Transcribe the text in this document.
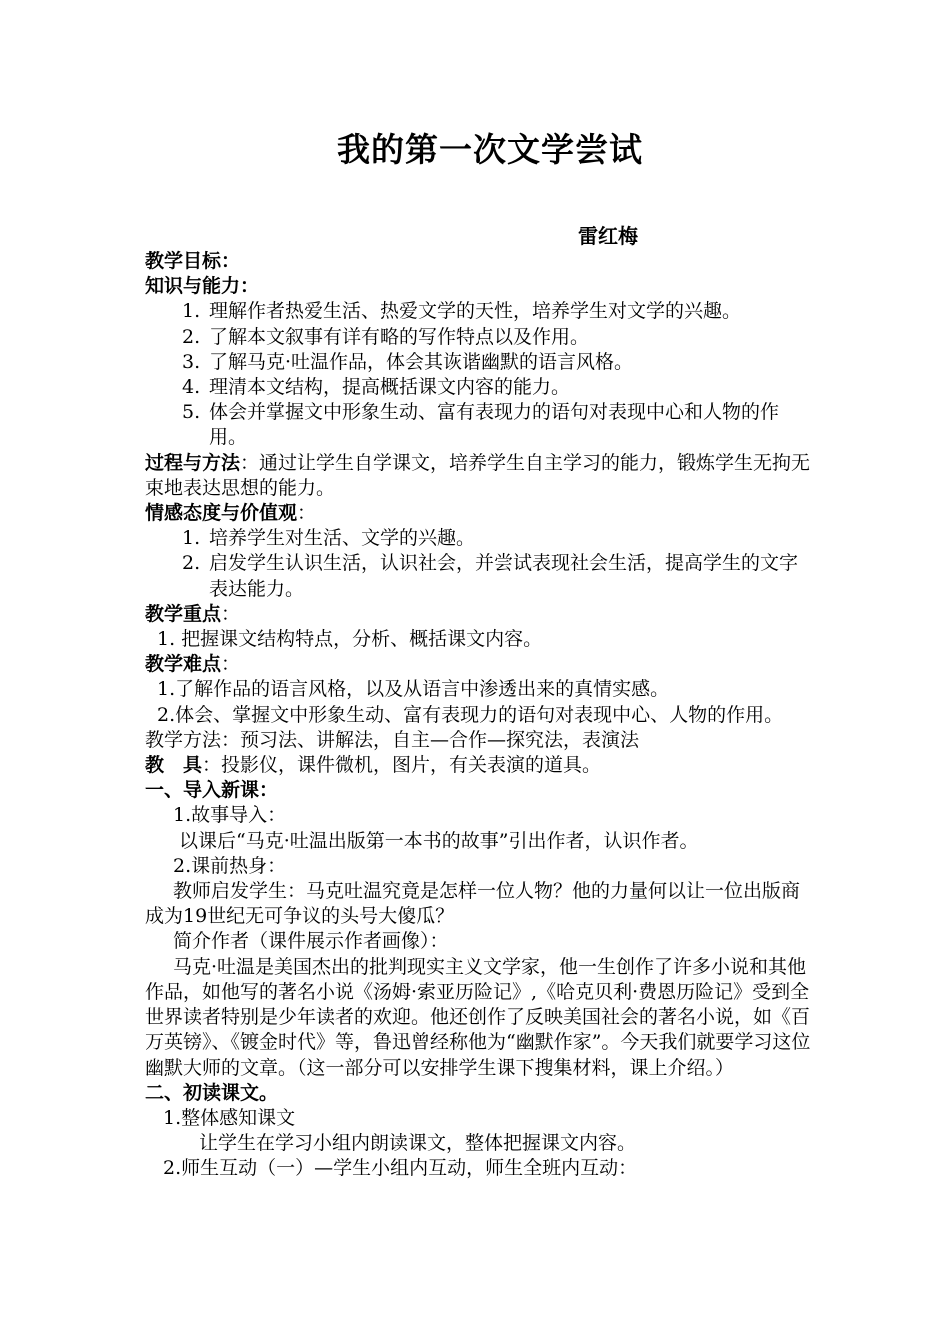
我的第一次文学尝试
雷红梅

教学目标：

知识与能力：

1. 理解作者热爱生活、热爱文学的天性，培养学生对文学的兴趣。

2. 了解本文叙事有详有略的写作特点以及作用。

3. 了解马克·吐温作品，体会其诙谐幽默的语言风格。

4. 理清本文结构，提高概括课文内容的能力。

5. 体会并掌握文中形象生动、富有表现力的语句对表现中心和人物的作用。

过程与方法：通过让学生自学课文，培养学生自主学习的能力，锻炼学生无拘无束地表达思想的能力。

情感态度与价值观：

1. 培养学生对生活、文学的兴趣。

2. 启发学生认识生活，认识社会，并尝试表现社会生活，提高学生的文字表达能力。

教学重点：

1. 把握课文结构特点，分析、概括课文内容。

教学难点：

1.了解作品的语言风格，以及从语言中渗透出来的真情实感。

2.体会、掌握文中形象生动、富有表现力的语句对表现中心、人物的作用。

教学方法：预习法、讲解法，自主—合作—探究法，表演法

教　具：投影仪，课件微机，图片，有关表演的道具。

一、导入新课：

1.故事导入：

以课后“马克·吐温出版第一本书的故事”引出作者，认识作者。

2.课前热身：

教师启发学生：马克吐温究竟是怎样一位人物？他的力量何以让一位出版商成为19世纪无可争议的头号大傻瓜？

简介作者（课件展示作者画像）：

马克·吐温是美国杰出的批判现实主义文学家，他一生创作了许多小说和其他作品，如他写的著名小说《汤姆·索亚历险记》,《哈克贝利·费恩历险记》受到全世界读者特别是少年读者的欢迎。他还创作了反映美国社会的著名小说，如《百万英镑》、《镀金时代》等，鲁迅曾经称他为“幽默作家”。今天我们就要学习这位幽默大师的文章。（这一部分可以安排学生课下搜集材料，课上介绍。）

二、初读课文。

1.整体感知课文

让学生在学习小组内朗读课文，整体把握课文内容。

2.师生互动（一）—学生小组内互动，师生全班内互动：
